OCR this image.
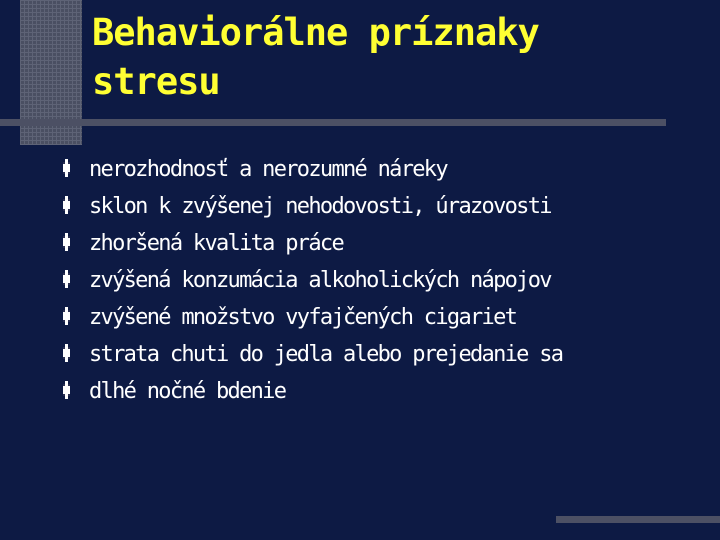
Behaviorálne príznaky
stresu
nerozhodnosť a nerozumné náreky
sklon k zvýšenej nehodovosti, úrazovosti
zhoršená kvalita práce
zvýšená konzumácia alkoholických nápojov
zvýšené množstvo vyfajčených cigariet
strata chuti do jedla alebo prejedanie sa
dlhé nočné bdenie
